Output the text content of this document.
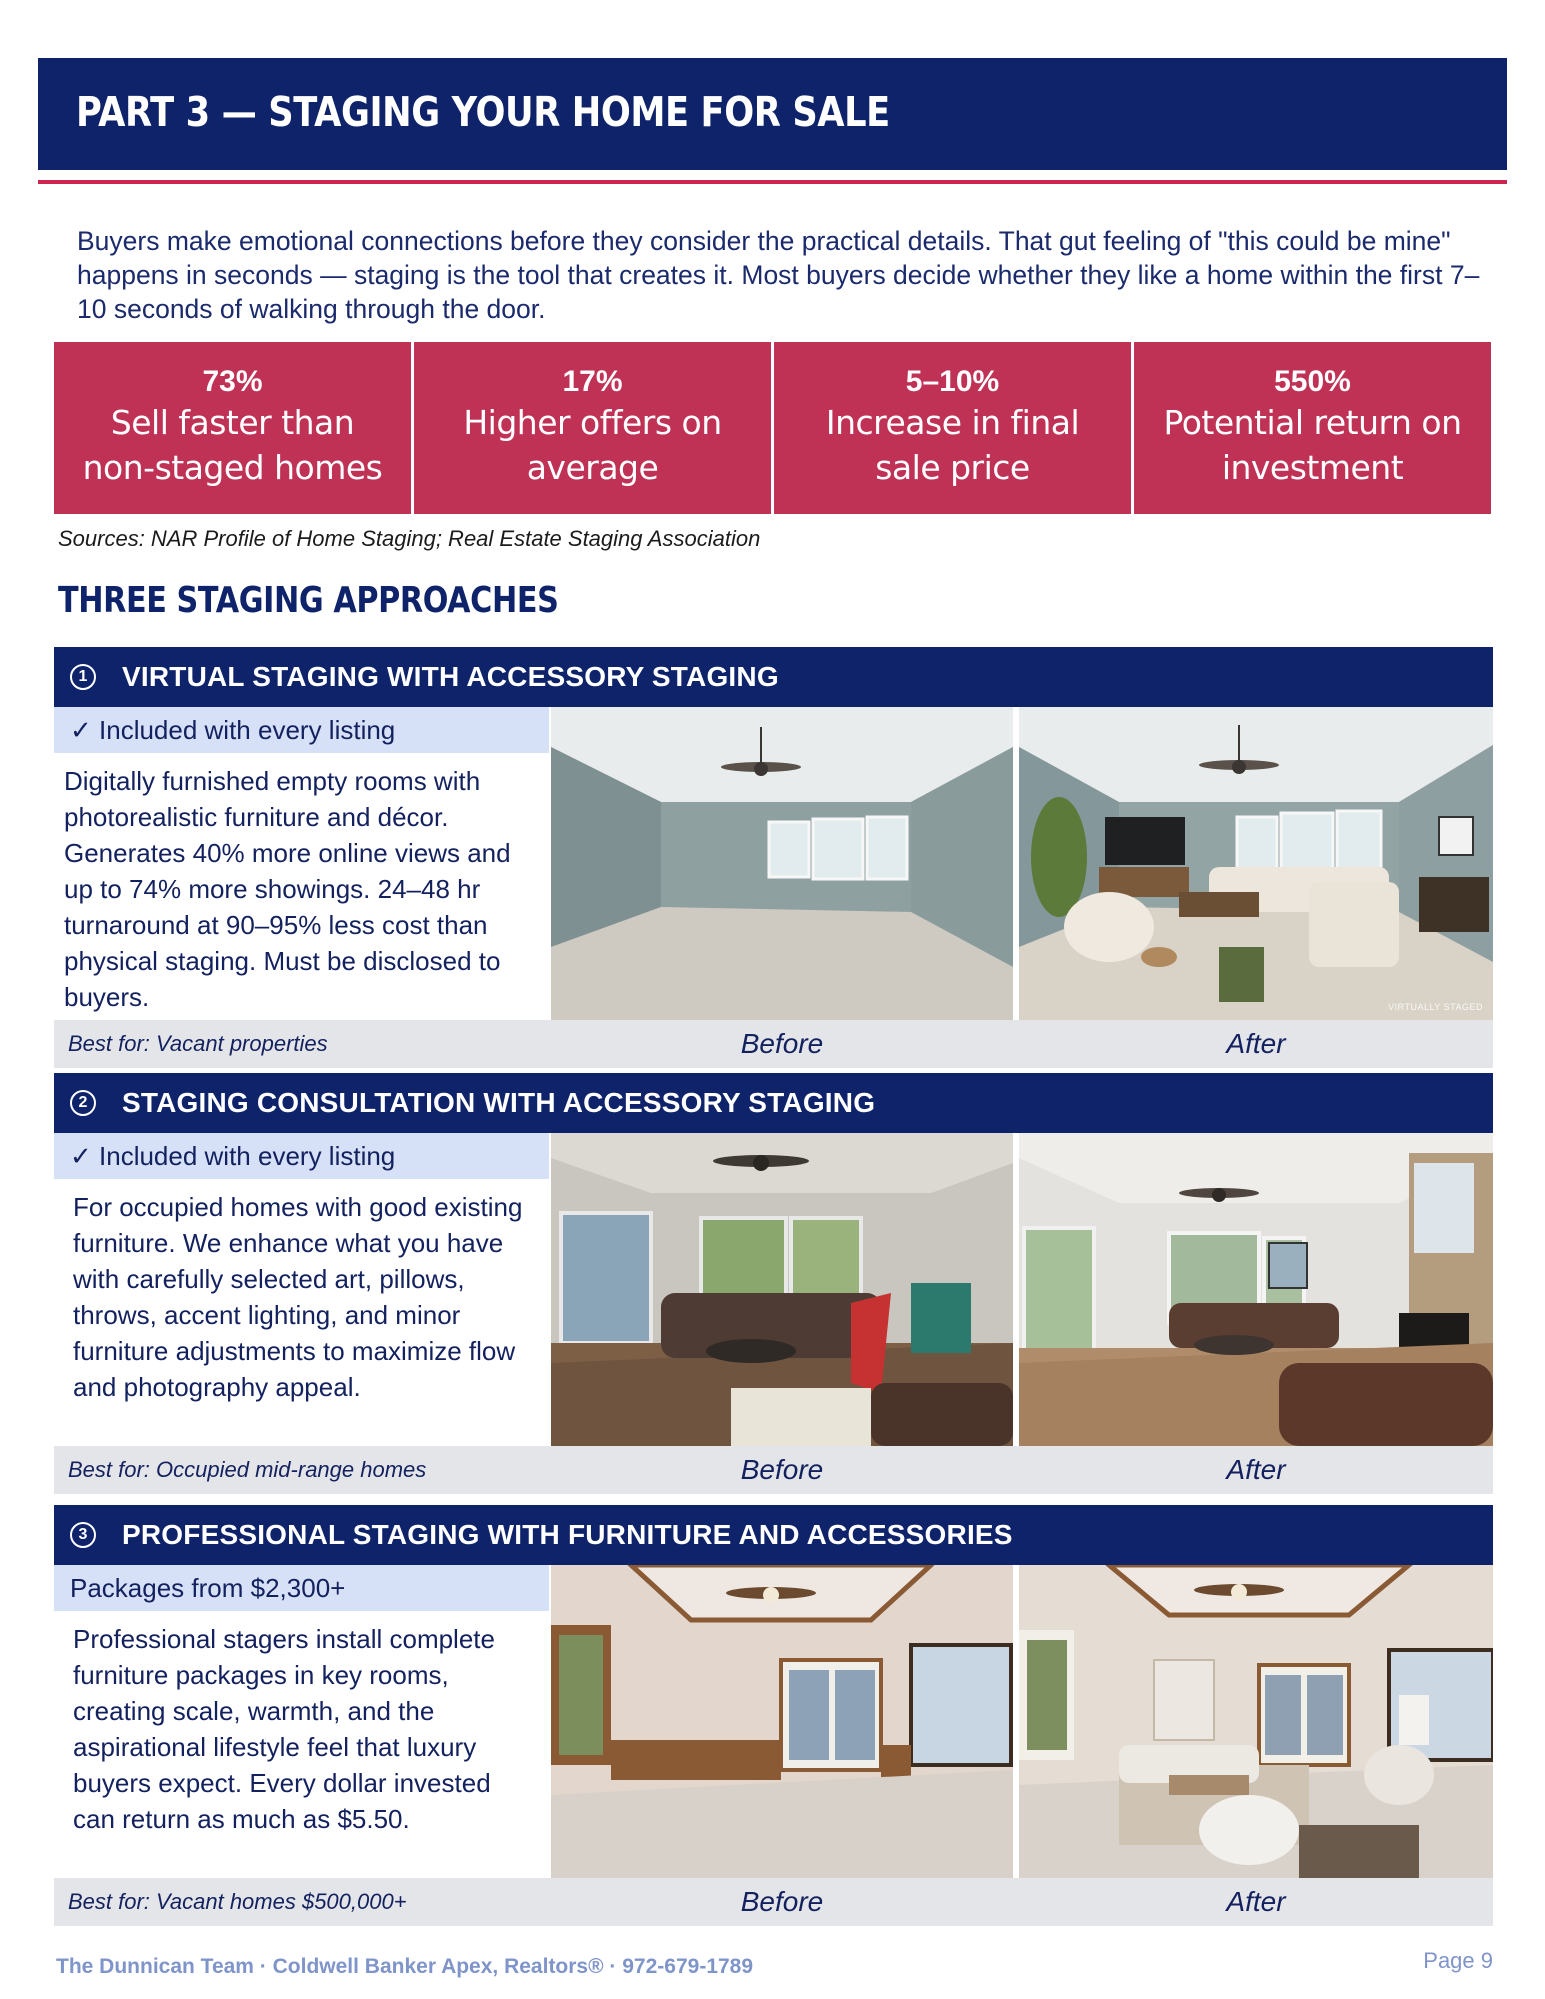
PART 3 — STAGING YOUR HOME FOR SALE

Buyers make emotional connections before they consider the practical details. That gut feeling of "this could be mine" happens in seconds — staging is the tool that creates it. Most buyers decide whether they like a home within the first 7–10 seconds of walking through the door.

73%
Sell faster than
non-staged homes
17%
Higher offers on
average
5–10%
Increase in final
sale price
550%
Potential return on
investment

Sources: NAR Profile of Home Staging; Real Estate Staging Association

THREE STAGING APPROACHES
1	VIRTUAL STAGING WITH ACCESSORY STAGING
✓ Included with every listing

Digitally furnished empty rooms with photorealistic furniture and décor. Generates 40% more online views and up to 74% more showings. 24–48 hr turnaround at 90–95% less cost than physical staging. Must be disclosed to buyers.	VIRTUALLY STAGED
Best for: Vacant properties	Before	After
2	STAGING CONSULTATION WITH ACCESSORY STAGING
✓ Included with every listing

For occupied homes with good existing furniture. We enhance what you have with carefully selected art, pillows, throws, accent lighting, and minor furniture adjustments to maximize flow and photography appeal.

Best for: Occupied mid-range homes	Before	After
3	PROFESSIONAL STAGING WITH FURNITURE AND ACCESSORIES
Packages from $2,300+

Professional stagers install complete furniture packages in key rooms, creating scale, warmth, and the aspirational lifestyle feel that luxury buyers expect. Every dollar invested can return as much as $5.50.

Best for: Vacant homes $500,000+	Before	After
The Dunnican Team · Coldwell Banker Apex, Realtors® · 972-679-1789	Page 9
